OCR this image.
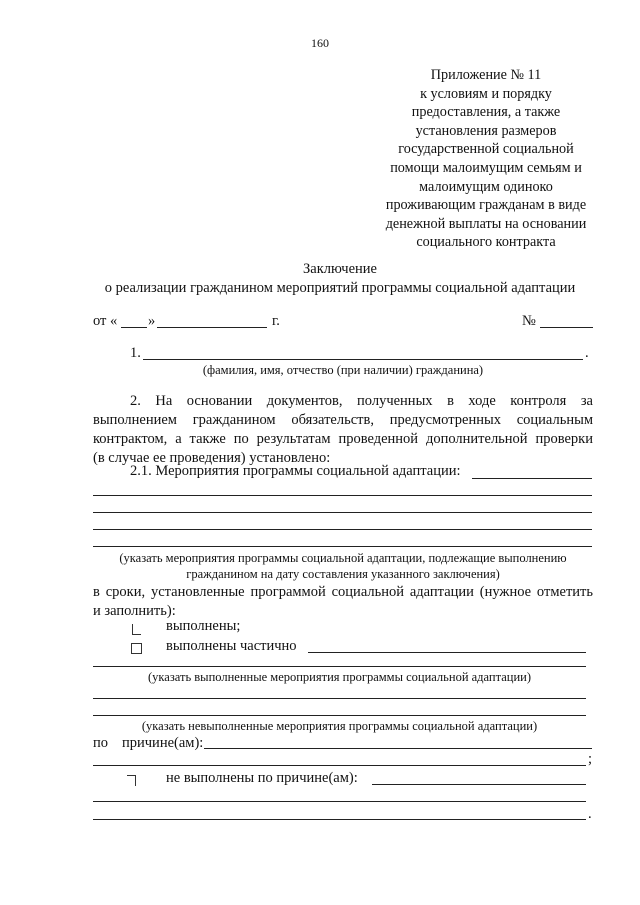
160
Приложение № 11
к условиям и порядку
предоставления, а также
установления размеров
государственной социальной
помощи малоимущим семьям и
малоимущим одиноко
проживающим гражданам в виде
денежной выплаты на основании
социального контракта
Заключение
о реализации гражданином мероприятий программы социальной адаптации
от « »	г.	№
1.	.
(фамилия, имя, отчество (при наличии) гражданина)
2. На основании документов, полученных в ходе контроля за
выполнением гражданином обязательств, предусмотренных социальным
контрактом, а также по результатам проведенной дополнительной проверки
(в случае ее проведения) установлено:
2.1. Мероприятия программы социальной адаптации:
(указать мероприятия программы социальной адаптации, подлежащие выполнению
гражданином на дату составления указанного заключения)
в сроки, установленные программой социальной адаптации (нужное отметить
и заполнить):
выполнены;
выполнены частично
(указать выполненные мероприятия программы социальной адаптации)
(указать невыполненные мероприятия программы социальной адаптации)
по причине(ам):
;
не выполнены по причине(ам):
.
